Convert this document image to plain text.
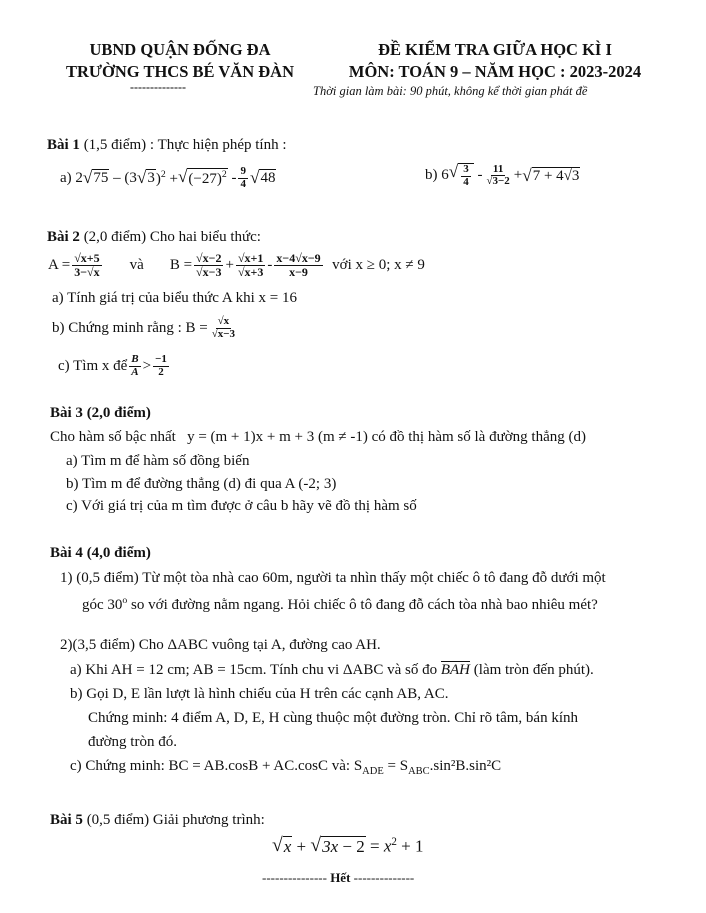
UBND QUẬN ĐỐNG ĐA
TRƯỜNG THCS BÉ VĂN ĐÀN
--------------
ĐỀ KIỂM TRA GIỮA HỌC KÌ I
MÔN: TOÁN 9 – NĂM HỌC : 2023-2024
Thời gian làm bài: 90 phút, không kể thời gian phát đề
Bài 1 (1,5 điểm) : Thực hiện phép tính :
a)
2 √ 75 – (3 √ 3 )$^2$ + √ $(-27)^2 - \frac{9}{4}$ √ 48	b)
6 √ $\frac{3}{4} - \frac{11}{√3-2}$ + √ 7 + 4√3
Bài 2 (2,0 điểm) Cho hai biểu thức:
$A = \frac{√x+5}{3-√x}$ và $B = \frac{√x-2}{√x-3} + \frac{√x+1}{√x+3} - \frac{x-4√x-9}{x-9}$
với x ≥ 0; x ≠ 9
a) Tính giá trị của biểu thức A khi x = 16
b) Chứng minh rằng : $B = \frac{√x}{√x-3}$
c) Tìm x để $\frac{B}{A} > \frac{-1}{2}$
Bài 3 (2,0 điểm)
Cho hàm số bậc nhất y = (m + 1)x + m + 3 (m ≠ -1) có đồ thị hàm số là đường thẳng (d)
a) Tìm m để hàm số đồng biến
b) Tìm m để đường thẳng (d) đi qua A (-2; 3)
c) Với giá trị của m tìm được ở câu b hãy vẽ đồ thị hàm số
Bài 4 (4,0 điểm)
1) (0,5 điểm) Từ một tòa nhà cao 60m, người ta nhìn thấy một chiếc ô tô đang đỗ dưới một
góc 30$^o$ so với đường nằm ngang. Hỏi chiếc ô tô đang đỗ cách tòa nhà bao nhiêu mét?
2)(3,5 điểm) Cho ΔABC vuông tại A, đường cao AH.
a) Khi AH = 12 cm; AB = 15cm. Tính chu vi ΔABC và số đo BAH (làm tròn đến phút).
b) Gọi D, E lần lượt là hình chiếu của H trên các cạnh AB, AC.
Chứng minh: 4 điểm A, D, E, H cùng thuộc một đường tròn. Chỉ rõ tâm, bán kính
đường tròn đó.
c) Chứng minh: BC = AB.cosB + AC.cosC và: $S_{ADE} = S_{ABC}.\sin^2B.\sin^2C$
Bài 5 (0,5 điểm) Giải phương trình:
√ x + √ $3x - 2 = x^2 + 1$
--------------- Hết --------------
